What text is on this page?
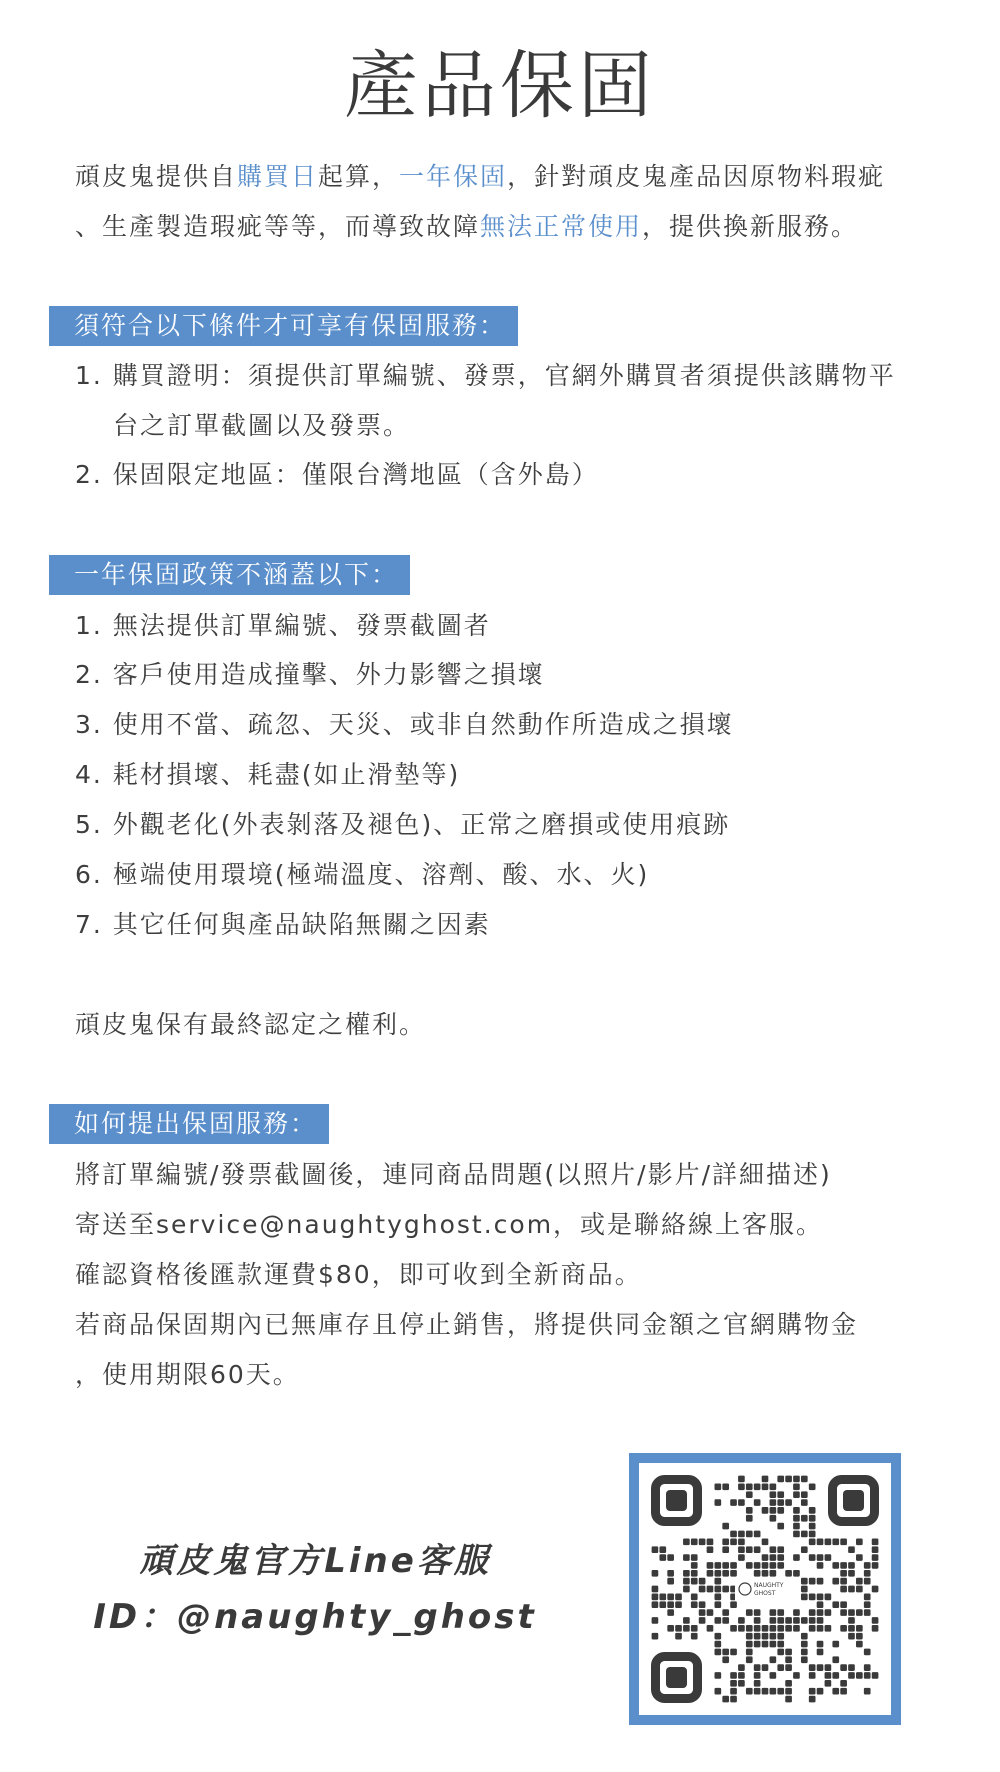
產品保固
頑皮鬼提供自購買日起算，一年保固，針對頑皮鬼產品因原物料瑕疵
、生產製造瑕疵等等，而導致故障無法正常使用，提供換新服務。
須符合以下條件才可享有保固服務：
1. 購買證明：須提供訂單編號、發票，官網外購買者須提供該購物平
台之訂單截圖以及發票。
2. 保固限定地區：僅限台灣地區（含外島）
一年保固政策不涵蓋以下：
1. 無法提供訂單編號、發票截圖者
2. 客戶使用造成撞擊、外力影響之損壞
3. 使用不當、疏忽、天災、或非自然動作所造成之損壞
4. 耗材損壞、耗盡(如止滑墊等)
5. 外觀老化(外表剝落及褪色)、正常之磨損或使用痕跡
6. 極端使用環境(極端溫度、溶劑、酸、水、火)
7. 其它任何與產品缺陷無關之因素
頑皮鬼保有最終認定之權利。
如何提出保固服務：
將訂單編號/發票截圖後，連同商品問題(以照片/影片/詳細描述)
寄送至service@naughtyghost.com，或是聯絡線上客服。
確認資格後匯款運費$80，即可收到全新商品。
若商品保固期內已無庫存且停止銷售，將提供同金額之官網購物金
，使用期限60天。
頑皮鬼官方Line客服
ID：@naughty_ghost
NAUGHTY
GHOST
